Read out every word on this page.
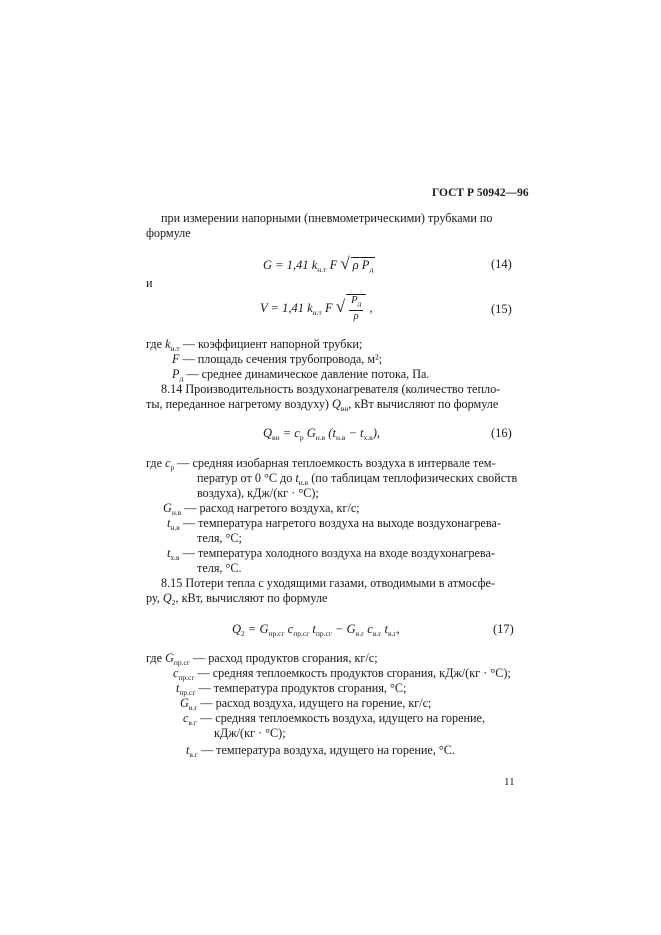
ГОСТ Р 50942—96
при измерении напорными (пневмометрическими) трубками по
формуле
G = 1,41 $k_{н.т}$ F √ ρ $P_д$	(14)
и
V = 1,41 $k_{н.т}$ F √ $\frac{P_д}{\rho}$ ,	(15)
где $k_{н.т}$ — коэффициент напорной трубки;
F — площадь сечения трубопровода, м²;
$P_д$ — среднее динамическое давление потока, Па.
8.14 Производительность воздухонагревателя (количество тепло-
ты, переданное нагретому воздуху) $Q_{вн}$, кВт вычисляют по формуле
$Q_{вн} = c_p$ $G_{н.в}$ $(t_{н.в} - t_{х.в})$,	(16)
где $c_p$ — средняя изобарная теплоемкость воздуха в интервале тем-
ператур от 0 °С до $t_{н.в}$ (по таблицам теплофизических свойств
воздуха), кДж/(кг · °С);
$G_{н.в}$ — расход нагретого воздуха, кг/с;
$t_{н.в}$ — температура нагретого воздуха на выходе воздухонагрева-
теля, °С;
$t_{х.в}$ — температура холодного воздуха на входе воздухонагрева-
теля, °С.
8.15 Потери тепла с уходящими газами, отводимыми в атмосфе-
ру, $Q_2$, кВт, вычисляют по формуле
$Q_2 = G_{пр.сг}$ $c_{пр.сг}$ $t_{пр.сг} - G_{в.г}$ $c_{в.г}$ $t_{в.г}$,	(17)
где $G_{пр.сг}$ — расход продуктов сгорания, кг/с;
$c_{пр.сг}$ — средняя теплоемкость продуктов сгорания, кДж/(кг · °С);
$t_{пр.сг}$ — температура продуктов сгорания, °С;
$G_{в.г}$ — расход воздуха, идущего на горение, кг/с;
$c_{в.г}$ — средняя теплоемкость воздуха, идущего на горение,
кДж/(кг · °С);
$t_{в.г}$ — температура воздуха, идущего на горение, °С.
11
